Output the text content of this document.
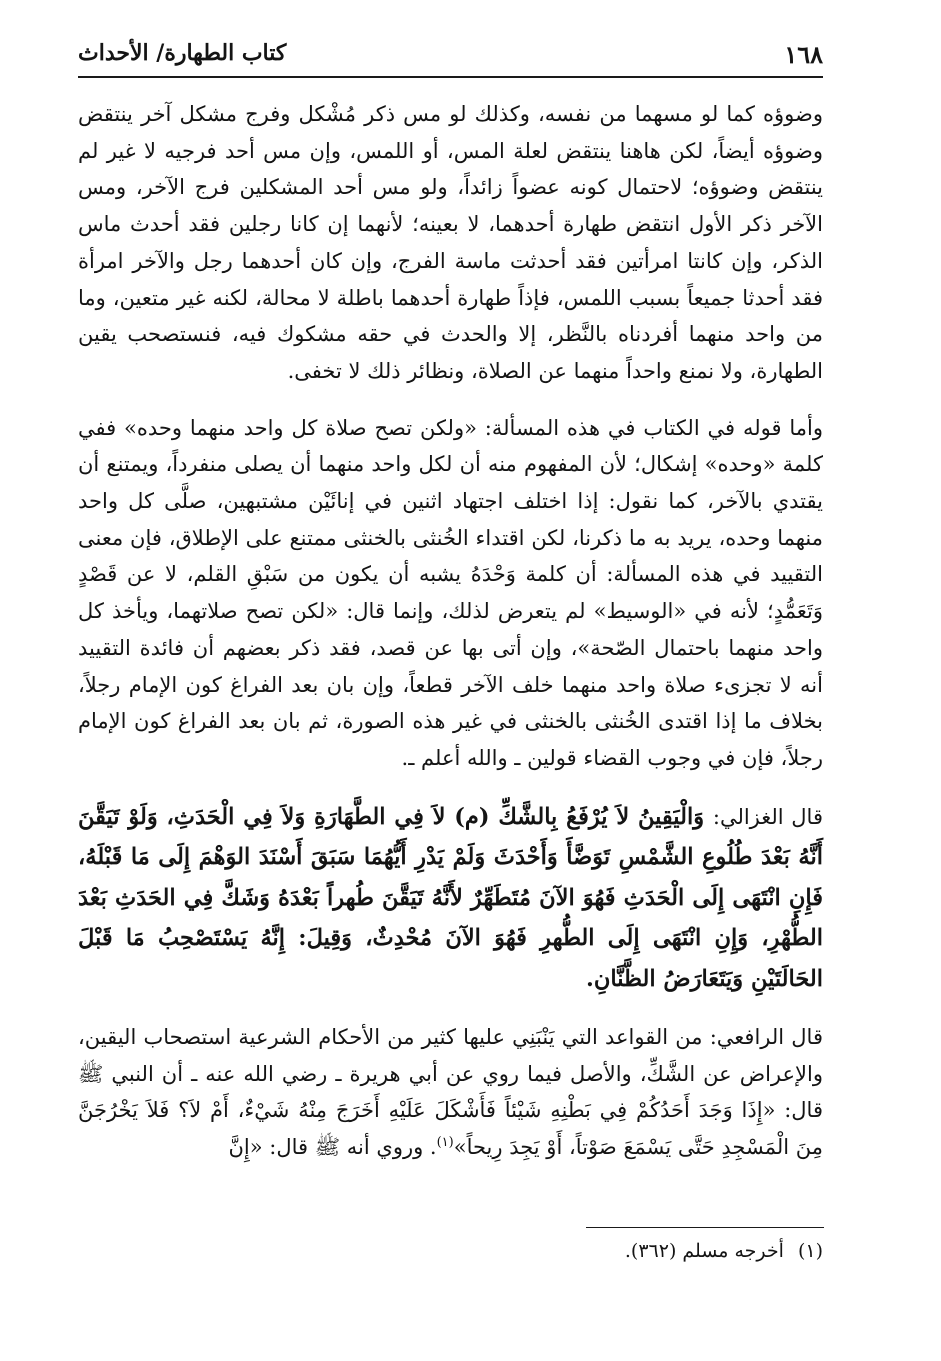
١٦٨
كتاب الطهارة/ الأحداث

وضوؤه كما لو مسهما من نفسه، وكذلك لو مس ذكر مُشْكل وفرج مشكل آخر ينتقض وضوؤه أيضاً، لكن هاهنا ينتقض لعلة المس، أو اللمس، وإن مس أحد فرجيه لا غير لم ينتقض وضوؤه؛ لاحتمال كونه عضواً زائداً، ولو مس أحد المشكلين فرج الآخر، ومس الآخر ذكر الأول انتقض طهارة أحدهما، لا بعينه؛ لأنهما إن كانا رجلين فقد أحدث ماس الذكر، وإن كانتا امرأتين فقد أحدثت ماسة الفرج، وإن كان أحدهما رجل والآخر امرأة فقد أحدثا جميعاً بسبب اللمس، فإذاً طهارة أحدهما باطلة لا محالة، لكنه غير متعين، وما من واحد منهما أفردناه بالنَّظر، إلا والحدث في حقه مشكوك فيه، فنستصحب يقين الطهارة، ولا نمنع واحداً منهما عن الصلاة، ونظائر ذلك لا تخفى.

وأما قوله في الكتاب في هذه المسألة: «ولكن تصح صلاة كل واحد منهما وحده» ففي كلمة «وحده» إشكال؛ لأن المفهوم منه أن لكل واحد منهما أن يصلى منفرداً، ويمتنع أن يقتدي بالآخر، كما نقول: إذا اختلف اجتهاد اثنين في إنائَيْن مشتبهين، صلَّى كل واحد منهما وحده، يريد به ما ذكرنا، لكن اقتداء الخُنثى بالخنثى ممتنع على الإطلاق، فإن معنى التقييد في هذه المسألة: أن كلمة وَحْدَهُ يشبه أن يكون من سَبْقِ القلم، لا عن قَصْدٍ وَتَعَمُّدٍ؛ لأنه في «الوسيط» لم يتعرض لذلك، وإنما قال: «لكن تصح صلاتهما، ويأخذ كل واحد منهما باحتمال الصّحة»، وإن أتى بها عن قصد، فقد ذكر بعضهم أن فائدة التقييد أنه لا تجزىء صلاة واحد منهما خلف الآخر قطعاً، وإن بان بعد الفراغ كون الإمام رجلاً، بخلاف ما إذا اقتدى الخُنثى بالخنثى في غير هذه الصورة، ثم بان بعد الفراغ كون الإمام رجلاً، فإن في وجوب القضاء قولين ـ والله أعلم ـ.

قال الغزالي: وَالْيَقِينُ لاَ يُرْفَعُ بِالشَّكِّ (م) لاَ فِي الطَّهَارَةِ وَلاَ فِي الْحَدَثِ، وَلَوْ تَيَقَّنَ أَنَّهُ بَعْدَ طُلُوعِ الشَّمْسِ تَوَضَّأَ وَأَحْدَثَ وَلَمْ يَدْرِ أَيُّهُمَا سَبَقَ أَسْنَدَ الوَهْمَ إِلَى مَا قَبْلَهُ، فَإِنِ انْتَهَى إِلَى الْحَدَثِ فَهُوَ الآنَ مُتَطَهِّرٌ لأَنَّهُ تَيَقَّنَ طُهراً بَعْدَهُ وَشَكَّ فِي الحَدَثِ بَعْدَ الطُّهْرِ، وَإِنِ انْتَهَى إِلَى الطُّهرِ فَهُوَ الآنَ مُحْدِثٌ، وَقِيلَ: إِنَّهُ يَسْتَصْحِبُ مَا قَبْلَ الحَالَتَيْنِ وَيَتَعَارَضُ الظَّنَّانِ.

قال الرافعي: من القواعد التي يَنْبَنِي عليها كثير من الأحكام الشرعية استصحاب اليقين، والإعراض عن الشَّكِّ، والأصل فيما روي عن أبي هريرة ـ رضي الله عنه ـ أن النبي ﷺ قال: «إِذَا وَجَدَ أَحَدُكُمْ فِي بَطْنِهِ شَيْئاً فَأَشْكَلَ عَلَيْهِ أَخَرَجَ مِنْهُ شَيْءٌ، أَمْ لاَ؟ فَلاَ يَخْرُجَنَّ مِنَ الْمَسْجِدِ حَتَّى يَسْمَعَ صَوْتاً، أَوْ يَجِدَ رِيحاً»$^{(١)}$. وروي أنه ﷺ قال: «إِنَّ

(١)أخرجه مسلم (٣٦٢).
